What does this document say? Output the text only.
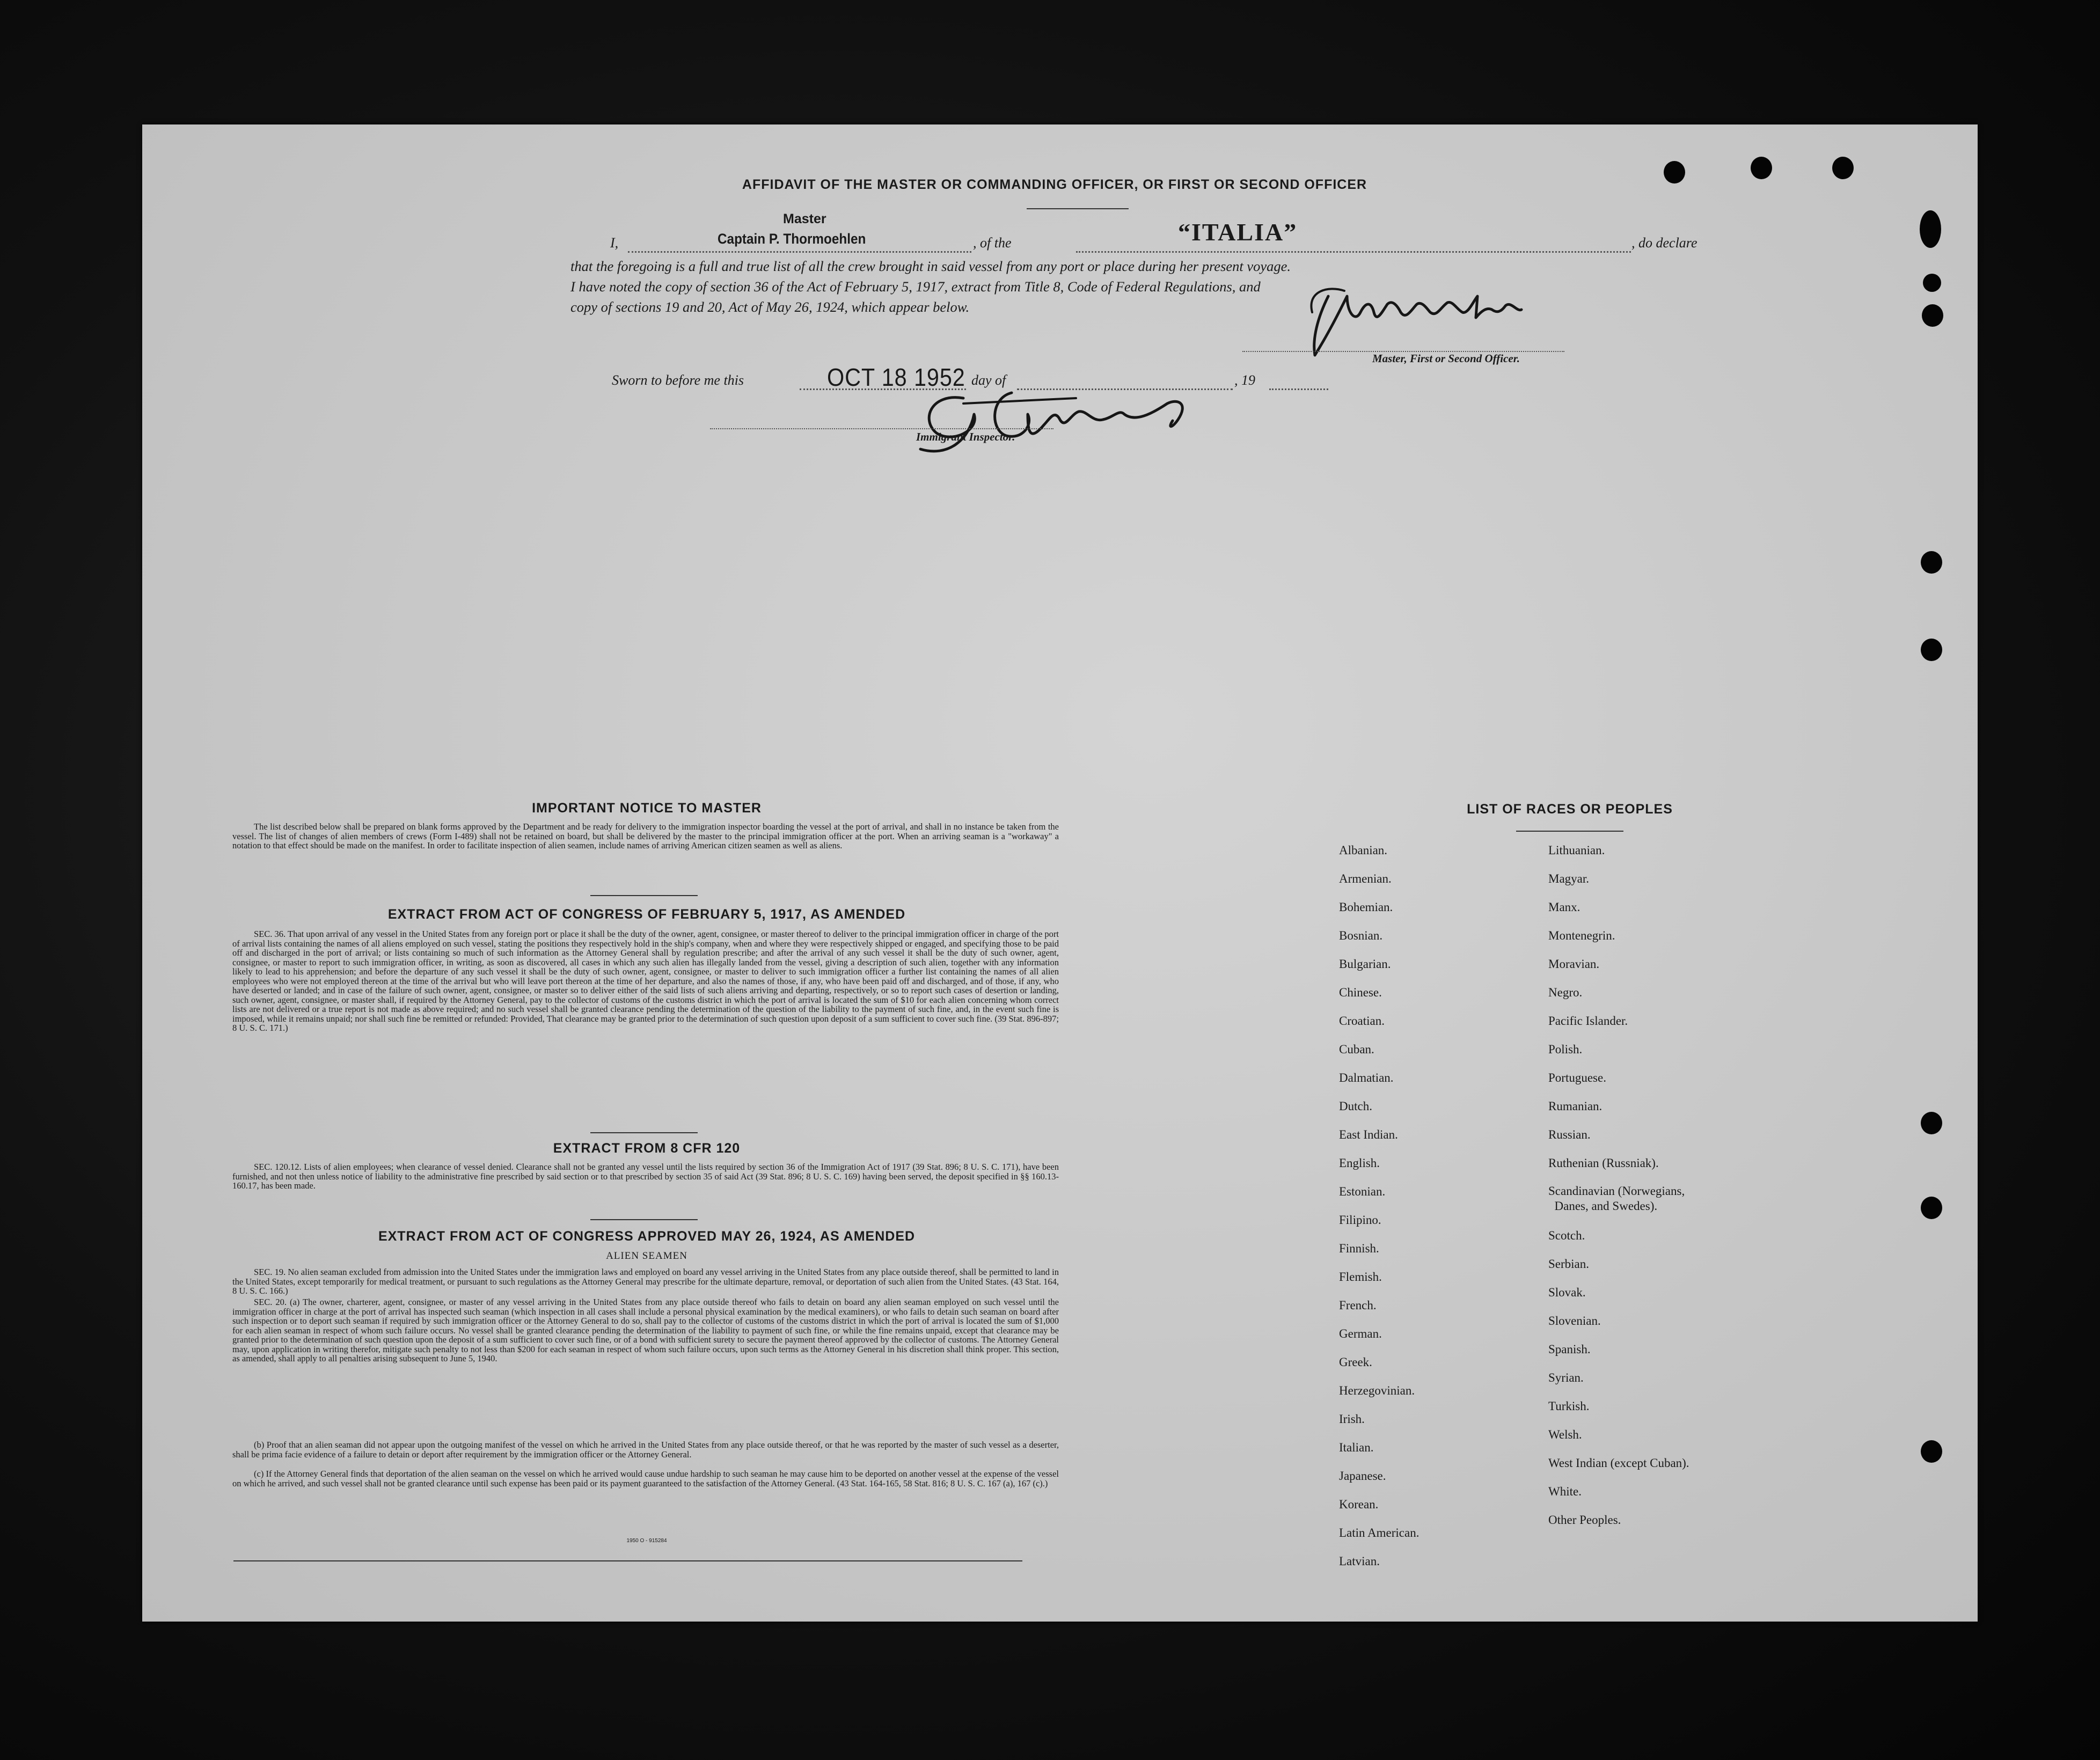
AFFIDAVIT OF THE MASTER OR COMMANDING OFFICER, OR FIRST OR SECOND OFFICER
Master
I,	Captain P. Thormoehlen	, of the	“ITALIA”	, do declare
that the foregoing is a full and true list of all the crew brought in said vessel from any port or place during her present voyage.
I have noted the copy of section 36 of the Act of February 5, 1917, extract from Title 8, Code of Federal Regulations, and
copy of sections 19 and 20, Act of May 26, 1924, which appear below.
Master, First or Second Officer.
Sworn to before me this	OCT 18 1952 day of	, 19
Immigrant Inspector.
IMPORTANT NOTICE TO MASTER
The list described below shall be prepared on blank forms approved by the Department and be ready for delivery to the immigration inspector boarding the vessel at the port of arrival, and shall in no instance be taken from the vessel. The list of changes of alien members of crews (Form I-489) shall not be retained on board, but shall be delivered by the master to the principal immigration officer at the port. When an arriving seaman is a "workaway" a notation to that effect should be made on the manifest. In order to facilitate inspection of alien seamen, include names of arriving American citizen seamen as well as aliens.
EXTRACT FROM ACT OF CONGRESS OF FEBRUARY 5, 1917, AS AMENDED
SEC. 36. That upon arrival of any vessel in the United States from any foreign port or place it shall be the duty of the owner, agent, consignee, or master thereof to deliver to the principal immigration officer in charge of the port of arrival lists containing the names of all aliens employed on such vessel, stating the positions they respectively hold in the ship's company, when and where they were respectively shipped or engaged, and specifying those to be paid off and discharged in the port of arrival; or lists containing so much of such information as the Attorney General shall by regulation prescribe; and after the arrival of any such vessel it shall be the duty of such owner, agent, consignee, or master to report to such immigration officer, in writing, as soon as discovered, all cases in which any such alien has illegally landed from the vessel, giving a description of such alien, together with any information likely to lead to his apprehension; and before the departure of any such vessel it shall be the duty of such owner, agent, consignee, or master to deliver to such immigration officer a further list containing the names of all alien employees who were not employed thereon at the time of the arrival but who will leave port thereon at the time of her departure, and also the names of those, if any, who have been paid off and discharged, and of those, if any, who have deserted or landed; and in case of the failure of such owner, agent, consignee, or master so to deliver either of the said lists of such aliens arriving and departing, respectively, or so to report such cases of desertion or landing, such owner, agent, consignee, or master shall, if required by the Attorney General, pay to the collector of customs of the customs district in which the port of arrival is located the sum of $10 for each alien concerning whom correct lists are not delivered or a true report is not made as above required; and no such vessel shall be granted clearance pending the determination of the question of the liability to the payment of such fine, and, in the event such fine is imposed, while it remains unpaid; nor shall such fine be remitted or refunded: Provided, That clearance may be granted prior to the determination of such question upon deposit of a sum sufficient to cover such fine. (39 Stat. 896-897; 8 U. S. C. 171.)
EXTRACT FROM 8 CFR 120
SEC. 120.12. Lists of alien employees; when clearance of vessel denied. Clearance shall not be granted any vessel until the lists required by section 36 of the Immigration Act of 1917 (39 Stat. 896; 8 U. S. C. 171), have been furnished, and not then unless notice of liability to the administrative fine prescribed by said section or to that prescribed by section 35 of said Act (39 Stat. 896; 8 U. S. C. 169) having been served, the deposit specified in §§ 160.13-160.17, has been made.
EXTRACT FROM ACT OF CONGRESS APPROVED MAY 26, 1924, AS AMENDED
ALIEN SEAMEN
SEC. 19. No alien seaman excluded from admission into the United States under the immigration laws and employed on board any vessel arriving in the United States from any place outside thereof, shall be permitted to land in the United States, except temporarily for medical treatment, or pursuant to such regulations as the Attorney General may prescribe for the ultimate departure, removal, or deportation of such alien from the United States. (43 Stat. 164, 8 U. S. C. 166.)
SEC. 20. (a) The owner, charterer, agent, consignee, or master of any vessel arriving in the United States from any place outside thereof who fails to detain on board any alien seaman employed on such vessel until the immigration officer in charge at the port of arrival has inspected such seaman (which inspection in all cases shall include a personal physical examination by the medical examiners), or who fails to detain such seaman on board after such inspection or to deport such seaman if required by such immigration officer or the Attorney General to do so, shall pay to the collector of customs of the customs district in which the port of arrival is located the sum of $1,000 for each alien seaman in respect of whom such failure occurs. No vessel shall be granted clearance pending the determination of the liability to payment of such fine, or while the fine remains unpaid, except that clearance may be granted prior to the determination of such question upon the deposit of a sum sufficient to cover such fine, or of a bond with sufficient surety to secure the payment thereof approved by the collector of customs. The Attorney General may, upon application in writing therefor, mitigate such penalty to not less than $200 for each seaman in respect of whom such failure occurs, upon such terms as the Attorney General in his discretion shall think proper. This section, as amended, shall apply to all penalties arising subsequent to June 5, 1940.
(b) Proof that an alien seaman did not appear upon the outgoing manifest of the vessel on which he arrived in the United States from any place outside thereof, or that he was reported by the master of such vessel as a deserter, shall be prima facie evidence of a failure to detain or deport after requirement by the immigration officer or the Attorney General.
(c) If the Attorney General finds that deportation of the alien seaman on the vessel on which he arrived would cause undue hardship to such seaman he may cause him to be deported on another vessel at the expense of the vessel on which he arrived, and such vessel shall not be granted clearance until such expense has been paid or its payment guaranteed to the satisfaction of the Attorney General. (43 Stat. 164-165, 58 Stat. 816; 8 U. S. C. 167 (a), 167 (c).)
1950 O - 915284
LIST OF RACES OR PEOPLES
Albanian.
Armenian.
Bohemian.
Bosnian.
Bulgarian.
Chinese.
Croatian.
Cuban.
Dalmatian.
Dutch.
East Indian.
English.
Estonian.
Filipino.
Finnish.
Flemish.
French.
German.
Greek.
Herzegovinian.
Irish.
Italian.
Japanese.
Korean.
Latin American.
Latvian.
Lithuanian.
Magyar.
Manx.
Montenegrin.
Moravian.
Negro.
Pacific Islander.
Polish.
Portuguese.
Rumanian.
Russian.
Ruthenian (Russniak).
Scandinavian (Norwegians,
Danes, and Swedes).
Scotch.
Serbian.
Slovak.
Slovenian.
Spanish.
Syrian.
Turkish.
Welsh.
West Indian (except Cuban).
White.
Other Peoples.
